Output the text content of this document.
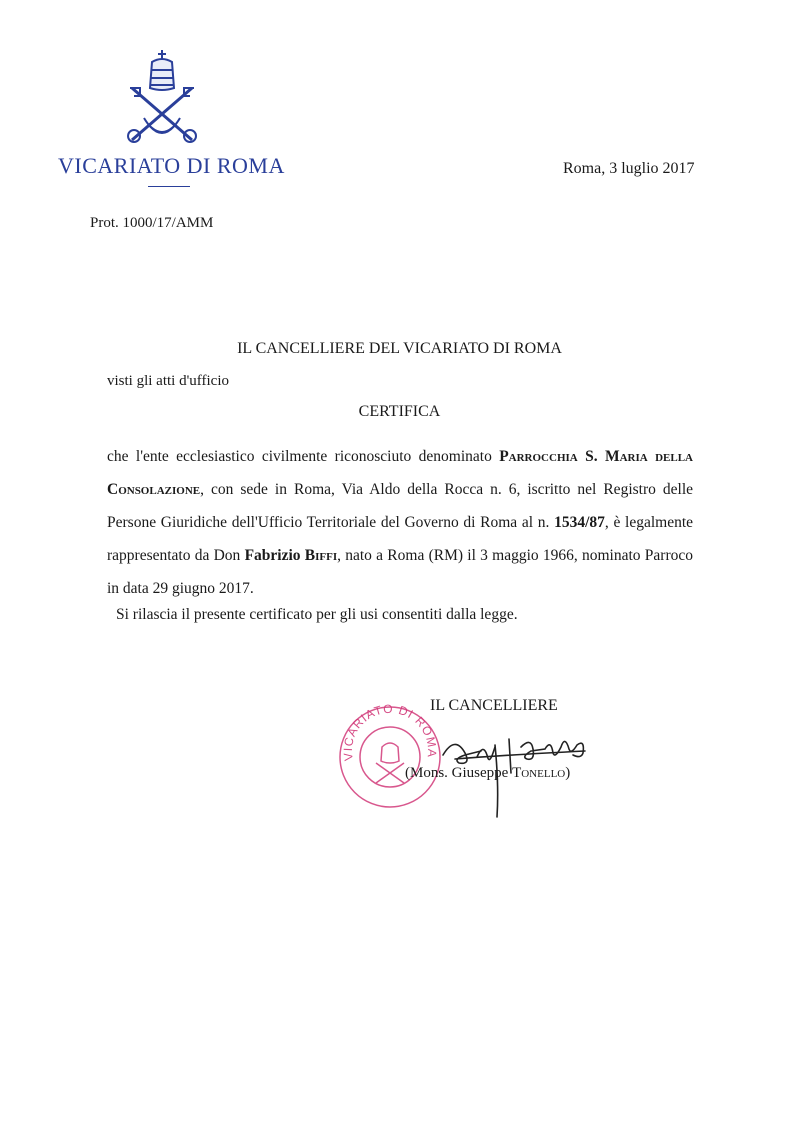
VICARIATO DI ROMA	Roma, 3 luglio 2017
Prot. 1000/17/AMM
IL CANCELLIERE DEL VICARIATO DI ROMA
visti gli atti d'ufficio
CERTIFICA
che l'ente ecclesiastico civilmente riconosciuto denominato Parrocchia S. Maria della Consolazione, con sede in Roma, Via Aldo della Rocca n. 6, iscritto nel Registro delle Persone Giuridiche dell'Ufficio Territoriale del Governo di Roma al n. 1534/87, è legalmente rappresentato da Don Fabrizio Biffi, nato a Roma (RM) il 3 maggio 1966, nominato Parroco in data 29 giugno 2017.
Si rilascia il presente certificato per gli usi consentiti dalla legge.
IL CANCELLIERE
VICARIATO DI ROMA
(Mons. Giuseppe Tonello)
